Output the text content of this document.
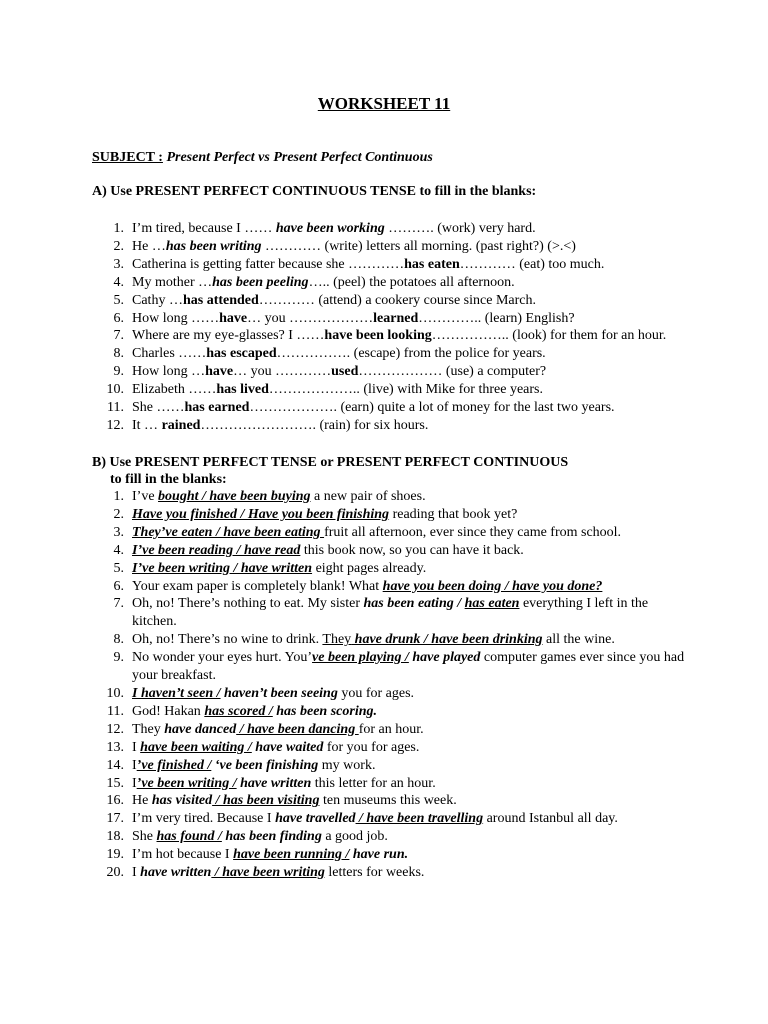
WORKSHEET 11
SUBJECT : Present Perfect vs Present Perfect Continuous
A) Use PRESENT PERFECT CONTINUOUS TENSE to fill in the blanks:
1. I’m tired, because I …… have been working ………. (work) very hard.
2. He …has been writing ………… (write) letters all morning. (past right?) (>.<)
3. Catherina is getting fatter because she …………has eaten………… (eat) too much.
4. My mother …has been peeling….. (peel) the potatoes all afternoon.
5. Cathy …has attended………… (attend) a cookery course since March.
6. How long ……have… you ………………learned………….. (learn) English?
7. Where are my eye-glasses? I ……have been looking…………….. (look) for them for an hour.
8. Charles ……has escaped……………. (escape) from the police for years.
9. How long …have… you …………used……………… (use) a computer?
10. Elizabeth ……has lived……………….. (live) with Mike for three years.
11. She ……has earned………………. (earn) quite a lot of money for the last two years.
12. It … rained……………………. (rain) for six hours.
B) Use PRESENT PERFECT TENSE or PRESENT PERFECT CONTINUOUS
to fill in the blanks:
1. I’ve bought / have been buying a new pair of shoes.
2. Have you finished / Have you been finishing reading that book yet?
3. They’ve eaten / have been eating fruit all afternoon, ever since they came from school.
4. I’ve been reading / have read this book now, so you can have it back.
5. I’ve been writing / have written eight pages already.
6. Your exam paper is completely blank! What have you been doing / have you done?
7. Oh, no! There’s nothing to eat. My sister has been eating / has eaten everything I left in the kitchen.
8. Oh, no! There’s no wine to drink. They have drunk / have been drinking all the wine.
9. No wonder your eyes hurt. You’ve been playing / have played computer games ever since you had your breakfast.
10. I haven’t seen / haven’t been seeing you for ages.
11. God! Hakan has scored / has been scoring.
12. They have danced / have been dancing for an hour.
13. I have been waiting / have waited for you for ages.
14. I’ve finished / ‘ve been finishing my work.
15. I’ve been writing / have written this letter for an hour.
16. He has visited / has been visiting ten museums this week.
17. I’m very tired. Because I have travelled / have been travelling around Istanbul all day.
18. She has found / has been finding a good job.
19. I’m hot because I have been running / have run.
20. I have written / have been writing letters for weeks.
